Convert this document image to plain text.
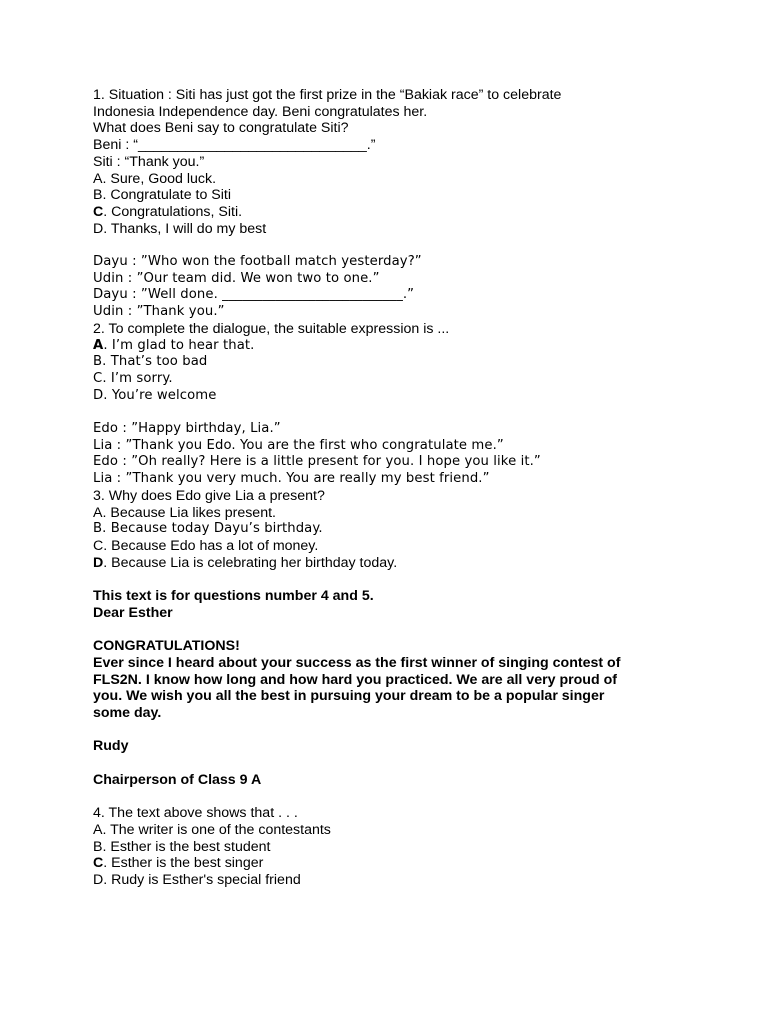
1. Situation : Siti has just got the first prize in the “Bakiak race” to celebrate

Indonesia Independence day. Beni congratulates her.

What does Beni say to congratulate Siti?

Beni : “_____________________________.”

Siti : “Thank you.”

A. Sure, Good luck.

B. Congratulate to Siti

C. Congratulations, Siti.

D. Thanks, I will do my best

Dayu : ”Who won the football match yesterday?”

Udin : ”Our team did. We won two to one.”

Dayu : ”Well done. ___________________________.”

Udin : ”Thank you.”

2. To complete the dialogue, the suitable expression is ...

A. I’m glad to hear that.

B. That’s too bad

C. I’m sorry.

D. You’re welcome

Edo : ”Happy birthday, Lia.”

Lia : ”Thank you Edo. You are the first who congratulate me.”

Edo : ”Oh really? Here is a little present for you. I hope you like it.”

Lia : ”Thank you very much. You are really my best friend.”

3. Why does Edo give Lia a present?

A. Because Lia likes present.

B. Because today Dayu’s birthday.

C. Because Edo has a lot of money.

D. Because Lia is celebrating her birthday today.

This text is for questions number 4 and 5.

Dear Esther

CONGRATULATIONS!

Ever since I heard about your success as the first winner of singing contest of

FLS2N. I know how long and how hard you practiced. We are all very proud of

you. We wish you all the best in pursuing your dream to be a popular singer

some day.

Rudy

Chairperson of Class 9 A

4. The text above shows that . . .

A. The writer is one of the contestants

B. Esther is the best student

C. Esther is the best singer

D. Rudy is Esther's special friend
